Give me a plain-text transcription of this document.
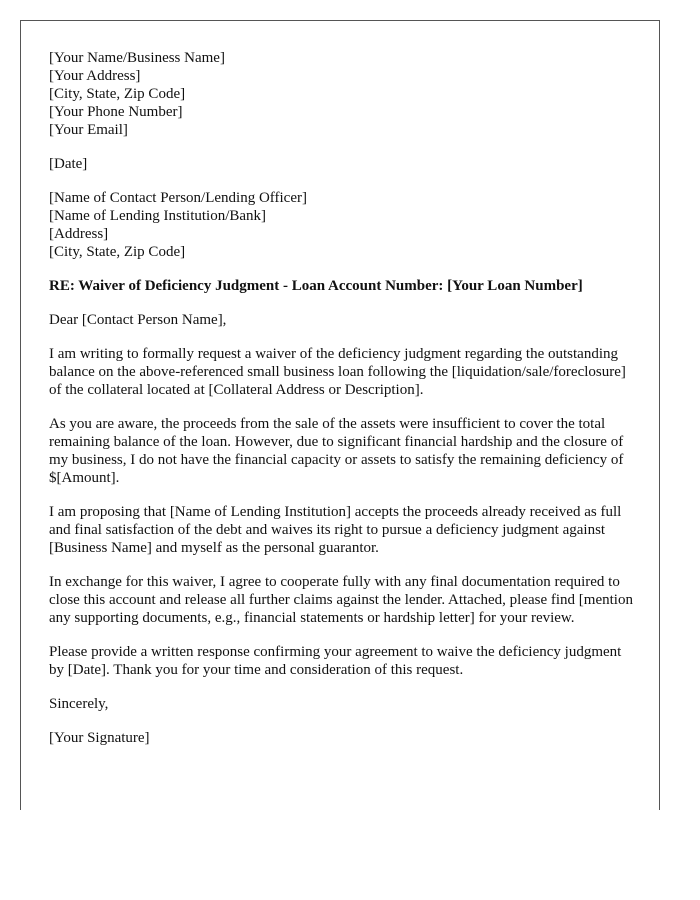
[Your Name/Business Name]
[Your Address]
[City, State, Zip Code]
[Your Phone Number]
[Your Email]
[Date]
[Name of Contact Person/Lending Officer]
[Name of Lending Institution/Bank]
[Address]
[City, State, Zip Code]
RE: Waiver of Deficiency Judgment - Loan Account Number: [Your Loan Number]

Dear [Contact Person Name],

I am writing to formally request a waiver of the deficiency judgment regarding the outstanding balance on the above-referenced small business loan following the [liquidation/sale/foreclosure] of the collateral located at [Collateral Address or Description].

As you are aware, the proceeds from the sale of the assets were insufficient to cover the total remaining balance of the loan. However, due to significant financial hardship and the closure of my business, I do not have the financial capacity or assets to satisfy the remaining deficiency of $[Amount].

I am proposing that [Name of Lending Institution] accepts the proceeds already received as full and final satisfaction of the debt and waives its right to pursue a deficiency judgment against [Business Name] and myself as the personal guarantor.

In exchange for this waiver, I agree to cooperate fully with any final documentation required to close this account and release all further claims against the lender. Attached, please find [mention any supporting documents, e.g., financial statements or hardship letter] for your review.

Please provide a written response confirming your agreement to waive the deficiency judgment by [Date]. Thank you for your time and consideration of this request.

Sincerely,

[Your Signature]
